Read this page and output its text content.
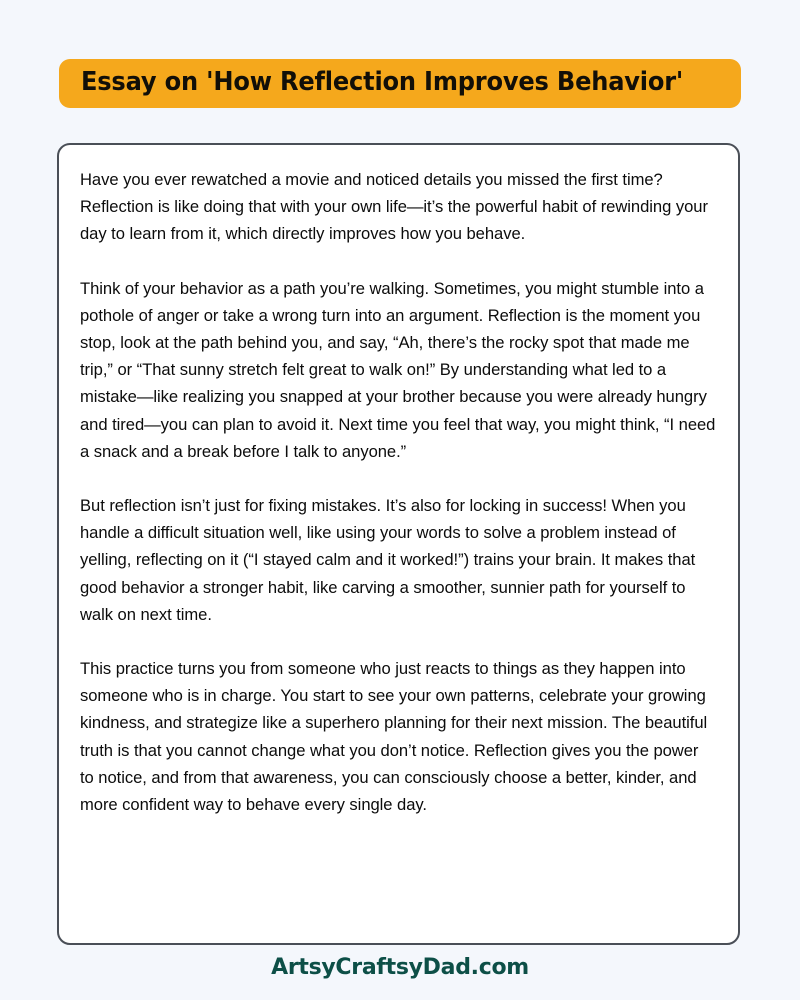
Essay on 'How Reflection Improves Behavior'

Have you ever rewatched a movie and noticed details you missed the first time? Reflection is like doing that with your own life—it’s the powerful habit of rewinding your day to learn from it, which directly improves how you behave.

Think of your behavior as a path you’re walking. Sometimes, you might stumble into a pothole of anger or take a wrong turn into an argument. Reflection is the moment you stop, look at the path behind you, and say, “Ah, there’s the rocky spot that made me trip,” or “That sunny stretch felt great to walk on!” By understanding what led to a mistake—like realizing you snapped at your brother because you were already hungry and tired—you can plan to avoid it. Next time you feel that way, you might think, “I need a snack and a break before I talk to anyone.”

But reflection isn’t just for fixing mistakes. It’s also for locking in success! When you handle a difficult situation well, like using your words to solve a problem instead of yelling, reflecting on it (“I stayed calm and it worked!”) trains your brain. It makes that good behavior a stronger habit, like carving a smoother, sunnier path for yourself to walk on next time.

This practice turns you from someone who just reacts to things as they happen into someone who is in charge. You start to see your own patterns, celebrate your growing kindness, and strategize like a superhero planning for their next mission. The beautiful truth is that you cannot change what you don’t notice. Reflection gives you the power to notice, and from that awareness, you can consciously choose a better, kinder, and more confident way to behave every single day.

ArtsyCraftsyDad.com
